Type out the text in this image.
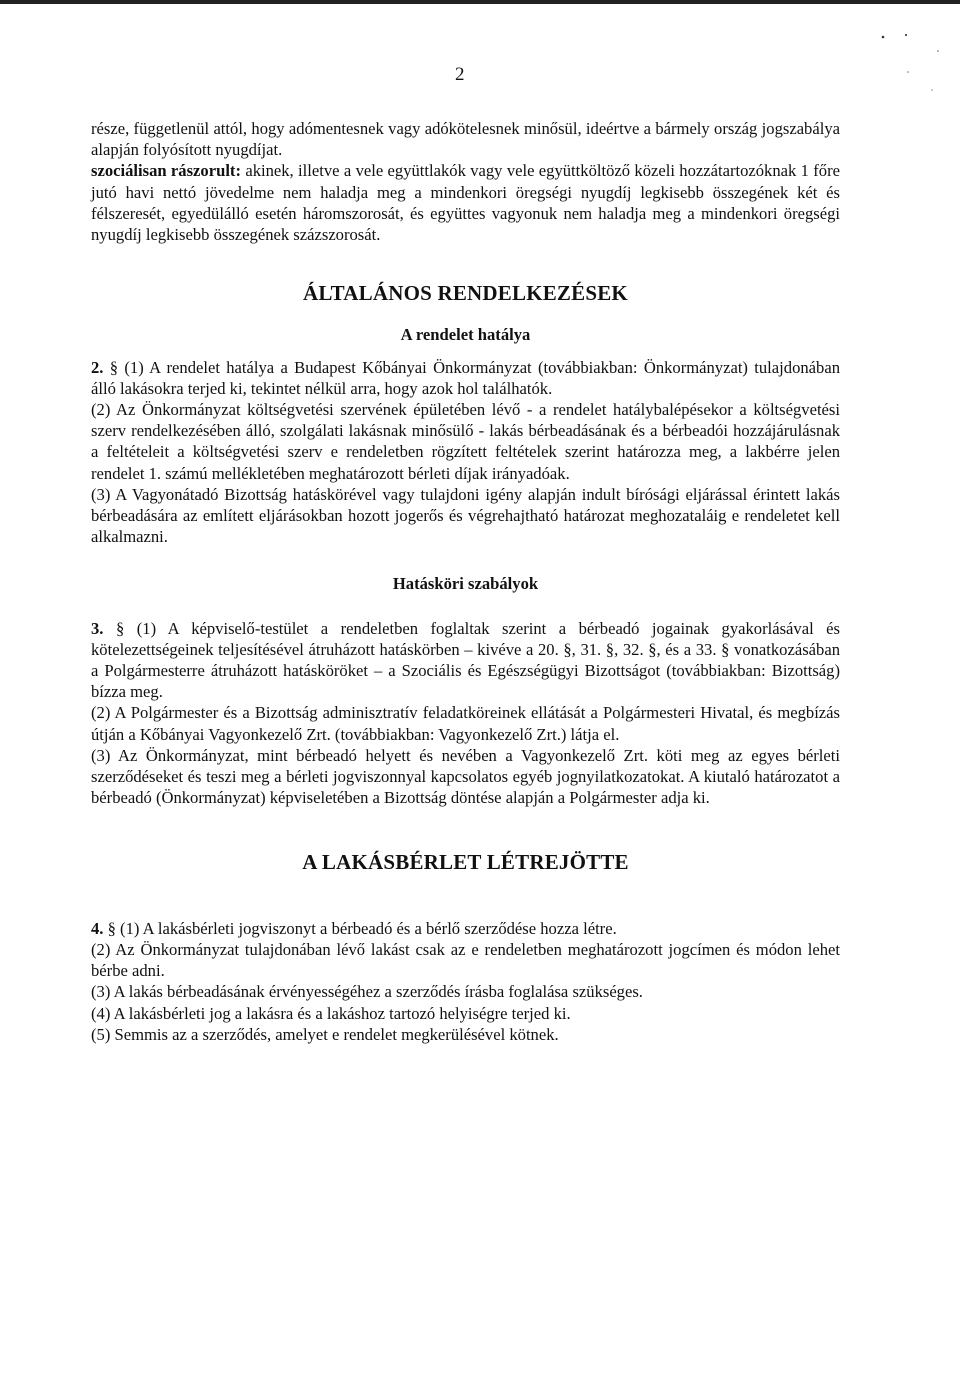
2
része, függetlenül attól, hogy adómentesnek vagy adókötelesnek minősül, ideértve a bármely ország jogszabálya alapján folyósított nyugdíjat.
szociálisan rászorult: akinek, illetve a vele együttlakók vagy vele együttköltöző közeli hozzátartozóknak 1 főre jutó havi nettó jövedelme nem haladja meg a mindenkori öregségi nyugdíj legkisebb összegének két és félszeresét, egyedülálló esetén háromszorosát, és együttes vagyonuk nem haladja meg a mindenkori öregségi nyugdíj legkisebb összegének százszorosát.
ÁLTALÁNOS RENDELKEZÉSEK
A rendelet hatálya
2. § (1) A rendelet hatálya a Budapest Kőbányai Önkormányzat (továbbiakban: Önkormányzat) tulajdonában álló lakásokra terjed ki, tekintet nélkül arra, hogy azok hol találhatók.
(2) Az Önkormányzat költségvetési szervének épületében lévő - a rendelet hatálybalépésekor a költségvetési szerv rendelkezésében álló, szolgálati lakásnak minősülő - lakás bérbeadásának és a bérbeadói hozzájárulásnak a feltételeit a költségvetési szerv e rendeletben rögzített feltételek szerint határozza meg, a lakbérre jelen rendelet 1. számú mellékletében meghatározott bérleti díjak irányadóak.
(3) A Vagyonátadó Bizottság hatáskörével vagy tulajdoni igény alapján indult bírósági eljárással érintett lakás bérbeadására az említett eljárásokban hozott jogerős és végrehajtható határozat meghozataláig e rendeletet kell alkalmazni.
Hatásköri szabályok
3. § (1) A képviselő-testület a rendeletben foglaltak szerint a bérbeadó jogainak gyakorlásával és kötelezettségeinek teljesítésével átruházott hatáskörben – kivéve a 20. §, 31. §, 32. §, és a 33. § vonatkozásában a Polgármesterre átruházott hatásköröket – a Szociális és Egészségügyi Bizottságot (továbbiakban: Bizottság) bízza meg.
(2) A Polgármester és a Bizottság adminisztratív feladatköreinek ellátását a Polgármesteri Hivatal, és megbízás útján a Kőbányai Vagyonkezelő Zrt. (továbbiakban: Vagyonkezelő Zrt.) látja el.
(3) Az Önkormányzat, mint bérbeadó helyett és nevében a Vagyonkezelő Zrt. köti meg az egyes bérleti szerződéseket és teszi meg a bérleti jogviszonnyal kapcsolatos egyéb jognyilatkozatokat. A kiutaló határozatot a bérbeadó (Önkormányzat) képviseletében a Bizottság döntése alapján a Polgármester adja ki.
A LAKÁSBÉRLET LÉTREJÖTTE
4. § (1) A lakásbérleti jogviszonyt a bérbeadó és a bérlő szerződése hozza létre.
(2) Az Önkormányzat tulajdonában lévő lakást csak az e rendeletben meghatározott jogcímen és módon lehet bérbe adni.
(3) A lakás bérbeadásának érvényességéhez a szerződés írásba foglalása szükséges.
(4) A lakásbérleti jog a lakásra és a lakáshoz tartozó helyiségre terjed ki.
(5) Semmis az a szerződés, amelyet e rendelet megkerülésével kötnek.
